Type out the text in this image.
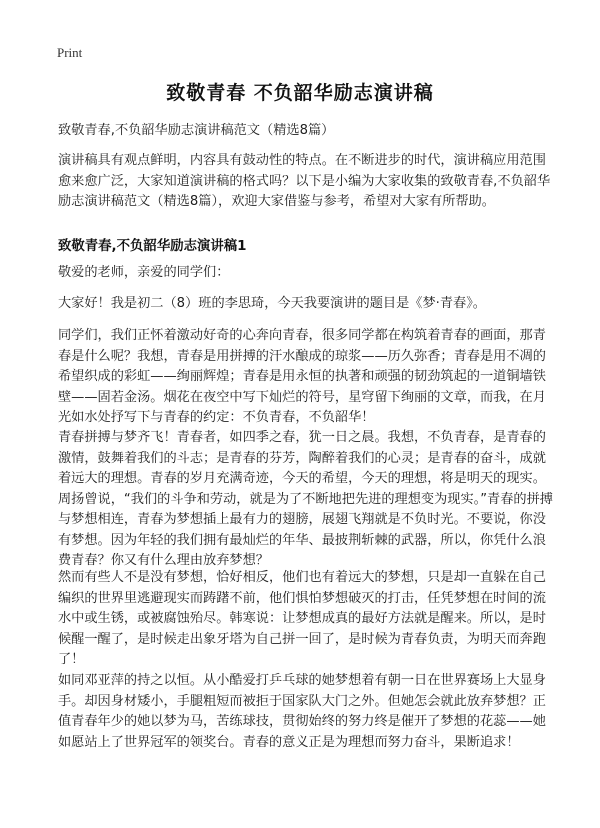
Print
致敬青春 不负韶华励志演讲稿
致敬青春,不负韶华励志演讲稿范文（精选8篇）
演讲稿具有观点鲜明，内容具有鼓动性的特点。在不断进步的时代，演讲稿应用范围愈来愈广泛，大家知道演讲稿的格式吗？以下是小编为大家收集的致敬青春,不负韶华励志演讲稿范文（精选8篇），欢迎大家借鉴与参考，希望对大家有所帮助。
致敬青春,不负韶华励志演讲稿1
敬爱的老师，亲爱的同学们：
大家好！我是初二（8）班的李思琦，今天我要演讲的题目是《梦·青春》。
同学们，我们正怀着激动好奇的心奔向青春，很多同学都在构筑着青春的画面，那青春是什么呢？我想，青春是用拼搏的汗水酿成的琼浆——历久弥香；青春是用不凋的希望织成的彩虹——绚丽辉煌；青春是用永恒的执著和顽强的韧劲筑起的一道铜墙铁壁——固若金汤。烟花在夜空中写下灿烂的符号，星穹留下绚丽的文章，而我，在月光如水处抒写下与青春的约定：不负青春，不负韶华！
青春拼搏与梦齐飞！青春者，如四季之春，犹一日之晨。我想，不负青春，是青春的激情，鼓舞着我们的斗志；是青春的芬芳，陶醉着我们的心灵；是青春的奋斗，成就着远大的理想。青春的岁月充满奇迹，今天的希望，今天的理想，将是明天的现实。周扬曾说，“我们的斗争和劳动，就是为了不断地把先进的理想变为现实。”青春的拼搏与梦想相连，青春为梦想插上最有力的翅膀，展翅飞翔就是不负时光。不要说，你没有梦想。因为年轻的我们拥有最灿烂的年华、最披荆斩棘的武器，所以，你凭什么浪费青春？你又有什么理由放弃梦想？
然而有些人不是没有梦想，恰好相反，他们也有着远大的梦想，只是却一直躲在自己编织的世界里逃避现实而踌躇不前，他们惧怕梦想破灭的打击，任凭梦想在时间的流水中或生锈，或被腐蚀殆尽。韩寒说：让梦想成真的最好方法就是醒来。所以，是时候醒一醒了，是时候走出象牙塔为自己拼一回了，是时候为青春负责，为明天而奔跑了！
如同邓亚萍的持之以恒。从小酷爱打乒乓球的她梦想着有朝一日在世界赛场上大显身手。却因身材矮小，手腿粗短而被拒于国家队大门之外。但她怎会就此放弃梦想？正值青春年少的她以梦为马，苦练球技，贯彻始终的努力终是催开了梦想的花蕊——她如愿站上了世界冠军的领奖台。青春的意义正是为理想而努力奋斗，果断追求！
